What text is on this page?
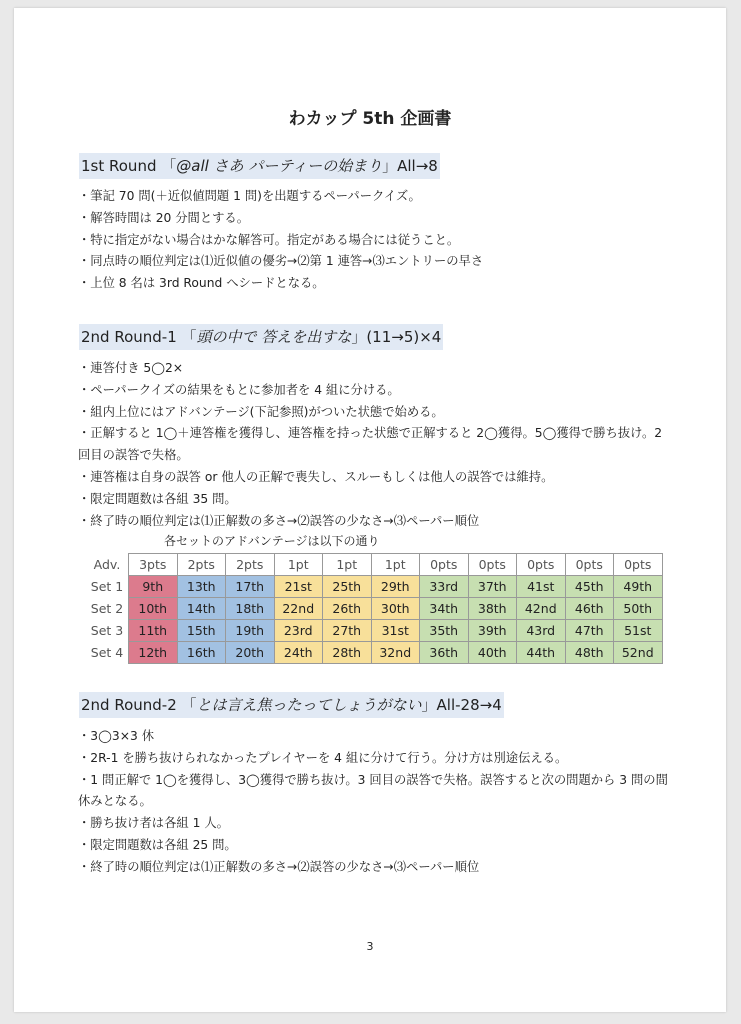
わカップ 5th 企画書
1st Round 「@all さあ パーティーの始まり」All→8
・筆記 70 問(＋近似値問題 1 問)を出題するペーパークイズ。
・解答時間は 20 分間とする。
・特に指定がない場合はかな解答可。指定がある場合には従うこと。
・同点時の順位判定は⑴近似値の優劣→⑵第 1 連答→⑶エントリーの早さ
・上位 8 名は 3rd Round へシードとなる。
2nd Round-1 「頭の中で 答えを出すな」(11→5)×4
・連答付き 5◯2×
・ペーパークイズの結果をもとに参加者を 4 組に分ける。
・組内上位にはアドバンテージ(下記参照)がついた状態で始める。
・正解すると 1◯＋連答権を獲得し、連答権を持った状態で正解すると 2◯獲得。5◯獲得で勝ち抜け。2 回目の誤答で失格。
・連答権は自身の誤答 or 他人の正解で喪失し、スルーもしくは他人の誤答では維持。
・限定問題数は各組 35 問。
・終了時の順位判定は⑴正解数の多さ→⑵誤答の少なさ→⑶ペーパー順位
各セットのアドバンテージは以下の通り
Adv.	3pts	2pts	2pts	1pt	1pt	1pt	0pts	0pts	0pts	0pts	0pts
Set 1	9th	13th	17th	21st	25th	29th	33rd	37th	41st	45th	49th
Set 2	10th	14th	18th	22nd	26th	30th	34th	38th	42nd	46th	50th
Set 3	11th	15th	19th	23rd	27th	31st	35th	39th	43rd	47th	51st
Set 4	12th	16th	20th	24th	28th	32nd	36th	40th	44th	48th	52nd
2nd Round-2 「とは言え焦ったってしょうがない」All-28→4
・3◯3×3 休
・2R-1 を勝ち抜けられなかったプレイヤーを 4 組に分けて行う。分け方は別途伝える。
・1 問正解で 1◯を獲得し、3◯獲得で勝ち抜け。3 回目の誤答で失格。誤答すると次の問題から 3 問の間休みとなる。
・勝ち抜け者は各組 1 人。
・限定問題数は各組 25 問。
・終了時の順位判定は⑴正解数の多さ→⑵誤答の少なさ→⑶ペーパー順位
3
